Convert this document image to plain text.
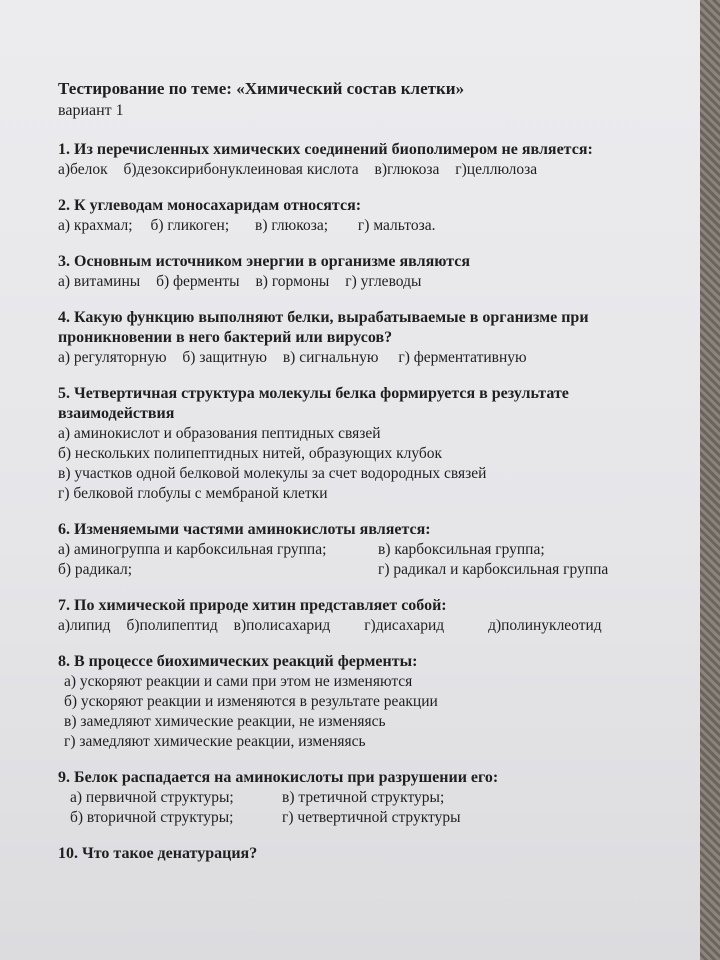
Тестирование по теме: «Химический состав клетки»

вариант 1

1. Из перечисленных химических соединений биополимером не является:

а)белок б)дезоксирибонуклеиновая кислота в)глюкоза г)целлюлоза

2. К углеводам моносахаридам относятся:

а) крахмал; б) гликоген; в) глюкоза; г) мальтоза.

3. Основным источником энергии в организме являются

а) витамины б) ферменты в) гормоны г) углеводы

4. Какую функцию выполняют белки, вырабатываемые в организме при проникновении в него бактерий или вирусов?

а) регуляторную б) защитную в) сигнальную г) ферментативную

5. Четвертичная структура молекулы белка формируется в результате взаимодействия

а) аминокислот и образования пептидных связей

б) нескольких полипептидных нитей, образующих клубок

в) участков одной белковой молекулы за счет водородных связей

г) белковой глобулы с мембраной клетки

6. Изменяемыми частями аминокислоты является:

а) аминогруппа и карбоксильная группа;	в) карбоксильная группа;
б) радикал;	г) радикал и карбоксильная группа

7. По химической природе хитин представляет собой:

а)липид б)полипептид в)полисахарид г)дисахарид	д)полинуклеотид

8. В процессе биохимических реакций ферменты:

а) ускоряют реакции и сами при этом не изменяются

б) ускоряют реакции и изменяются в результате реакции

в) замедляют химические реакции, не изменяясь

г) замедляют химические реакции, изменяясь

9. Белок распадается на аминокислоты при разрушении его:

а) первичной структуры;	в) третичной структуры;
б) вторичной структуры;	г) четвертичной структуры

10. Что такое денатурация?
